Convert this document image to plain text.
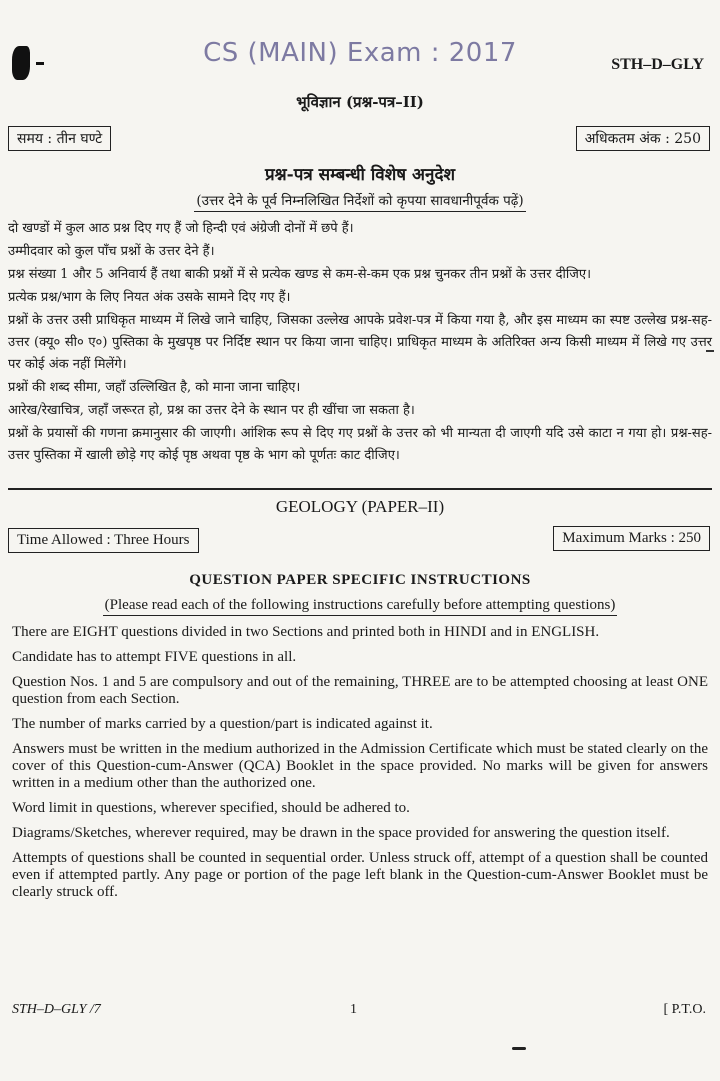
CS (MAIN) Exam : 2017	STH–D–GLY
भूविज्ञान (प्रश्न-पत्र–II)
समय : तीन घण्टे	अधिकतम अंक : 250
प्रश्न-पत्र सम्बन्धी विशेष अनुदेश
(उत्तर देने के पूर्व निम्नलिखित निर्देशों को कृपया सावधानीपूर्वक पढ़ें)

दो खण्डों में कुल आठ प्रश्न दिए गए हैं जो हिन्दी एवं अंग्रेजी दोनों में छपे हैं।

उम्मीदवार को कुल पाँच प्रश्नों के उत्तर देने हैं।

प्रश्न संख्या 1 और 5 अनिवार्य हैं तथा बाकी प्रश्नों में से प्रत्येक खण्ड से कम-से-कम एक प्रश्न चुनकर तीन प्रश्नों के उत्तर दीजिए।

प्रत्येक प्रश्न/भाग के लिए नियत अंक उसके सामने दिए गए हैं।

प्रश्नों के उत्तर उसी प्राधिकृत माध्यम में लिखे जाने चाहिए, जिसका उल्लेख आपके प्रवेश-पत्र में किया गया है, और इस माध्यम का स्पष्ट उल्लेख प्रश्न-सह-उत्तर (क्यू० सी० ए०) पुस्तिका के मुखपृष्ठ पर निर्दिष्ट स्थान पर किया जाना चाहिए। प्राधिकृत माध्यम के अतिरिक्त अन्य किसी माध्यम में लिखे गए उत्तर पर कोई अंक नहीं मिलेंगे।

प्रश्नों की शब्द सीमा, जहाँ उल्लिखित है, को माना जाना चाहिए।

आरेख/रेखाचित्र, जहाँ जरूरत हो, प्रश्न का उत्तर देने के स्थान पर ही खींचा जा सकता है।

प्रश्नों के प्रयासों की गणना क्रमानुसार की जाएगी। आंशिक रूप से दिए गए प्रश्नों के उत्तर को भी मान्यता दी जाएगी यदि उसे काटा न गया हो। प्रश्न-सह-उत्तर पुस्तिका में खाली छोड़े गए कोई पृष्ठ अथवा पृष्ठ के भाग को पूर्णतः काट दीजिए।

GEOLOGY (PAPER–II)
Time Allowed : Three Hours	Maximum Marks : 250
QUESTION PAPER SPECIFIC INSTRUCTIONS
(Please read each of the following instructions carefully before attempting questions)

There are EIGHT questions divided in two Sections and printed both in HINDI and in ENGLISH.

Candidate has to attempt FIVE questions in all.

Question Nos. 1 and 5 are compulsory and out of the remaining, THREE are to be attempted choosing at least ONE question from each Section.

The number of marks carried by a question/part is indicated against it.

Answers must be written in the medium authorized in the Admission Certificate which must be stated clearly on the cover of this Question-cum-Answer (QCA) Booklet in the space provided. No marks will be given for answers written in a medium other than the authorized one.

Word limit in questions, wherever specified, should be adhered to.

Diagrams/Sketches, wherever required, may be drawn in the space provided for answering the question itself.

Attempts of questions shall be counted in sequential order. Unless struck off, attempt of a question shall be counted even if attempted partly. Any page or portion of the page left blank in the Question-cum-Answer Booklet must be clearly struck off.

STH–D–GLY /7	1	[ P.T.O.
